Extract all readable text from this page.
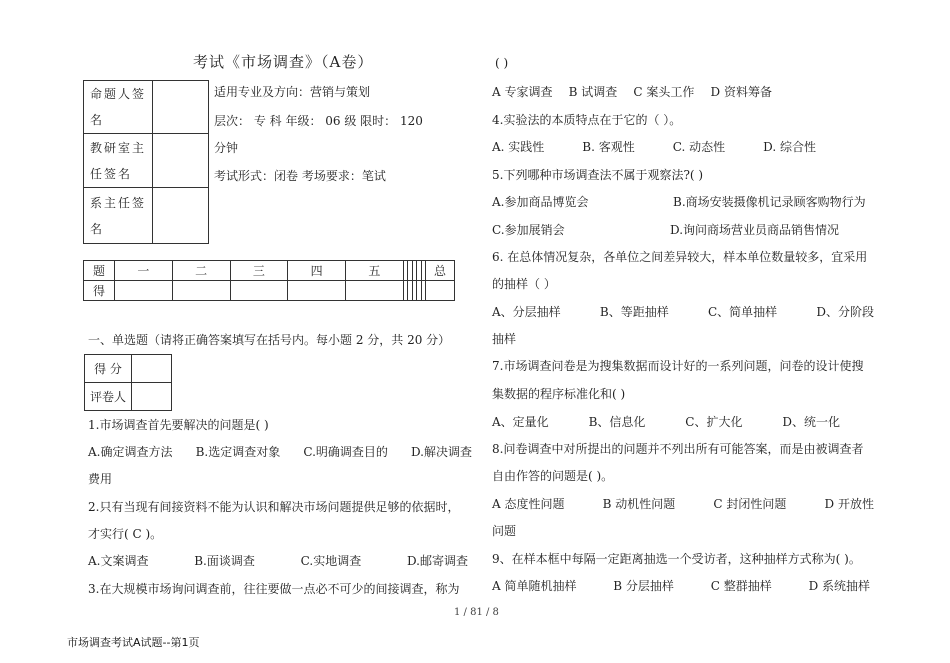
考试《市场调查》（A卷）
命题人签
名	

教研室主
任签名	

系主任签
名	

适用专业及方向：营销与策划
层次： 专 科 年级： 06 级 限时： 120
分钟
考试形式：闭卷 考场要求：笔试
题	一	二	三	四	五						总
得											
一、单选题（请将正确答案填写在括号内。每小题 2 分，共 20 分）
得 分	
评卷人	
1.市场调查首先要解决的问题是( )
A.确定调查方法 B.选定调查对象 C.明确调查目的 D.解决调查
费用
2.只有当现有间接资料不能为认识和解决市场问题提供足够的依据时，
才实行( C )。
A.文案调查	B.面谈调查	C.实地调查	D.邮寄调查
3.在大规模市场询问调查前，往往要做一点必不可少的间接调查，称为
( )
A 专家调查 B 试调查 C 案头工作 D 资料筹备
4.实验法的本质特点在于它的（ ）。
A. 实践性	B. 客观性	C. 动态性	D. 综合性
5.下列哪种市场调查法不属于观察法?( )
A.参加商品博览会	B.商场安装摄像机记录顾客购物行为
C.参加展销会	D.询问商场营业员商品销售情况
6. 在总体情况复杂，各单位之间差异较大，样本单位数量较多，宜采用
的抽样（ ）
A、分层抽样	B、等距抽样	C、简单抽样	D、分阶段
抽样
7.市场调查问卷是为搜集数据而设计好的一系列问题，问卷的设计使搜
集数据的程序标准化和( )
A、定量化	B、信息化	C、扩大化	D、统一化
8.问卷调查中对所提出的问题并不列出所有可能答案，而是由被调查者
自由作答的问题是( )。
A 态度性问题	B 动机性问题	C 封闭性问题	D 开放性
问题
9、在样本框中每隔一定距离抽选一个受访者，这种抽样方式称为( )。
A 简单随机抽样	B 分层抽样	C 整群抽样	D 系统抽样
1 / 81 / 8
市场调查考试A试题--第1页
